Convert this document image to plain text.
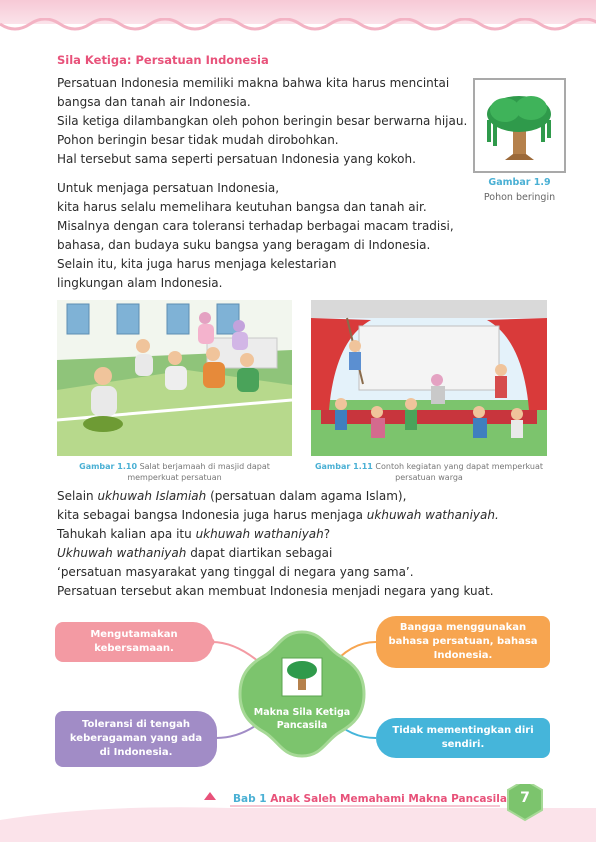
Sila Ketiga: Persatuan Indonesia
Persatuan Indonesia memiliki makna bahwa kita harus mencintai
bangsa dan tanah air Indonesia.
Sila ketiga dilambangkan oleh pohon beringin besar berwarna hijau.
Pohon beringin besar tidak mudah dirobohkan.
Hal tersebut sama seperti persatuan Indonesia yang kokoh.
Gambar 1.9
Pohon beringin
Untuk menjaga persatuan Indonesia,
kita harus selalu memelihara keutuhan bangsa dan tanah air.
Misalnya dengan cara toleransi terhadap berbagai macam tradisi,
bahasa, dan budaya suku bangsa yang beragam di Indonesia.
Selain itu, kita juga harus menjaga kelestarian
lingkungan alam Indonesia.
Gambar 1.10 Salat berjamaah di masjid dapat memperkuat persatuan
Gambar 1.11 Contoh kegiatan yang dapat memperkuat persatuan warga
Selain ukhuwah Islamiah (persatuan dalam agama Islam),
kita sebagai bangsa Indonesia juga harus menjaga ukhuwah wathaniyah.
Tahukah kalian apa itu ukhuwah wathaniyah?
Ukhuwah wathaniyah dapat diartikan sebagai
‘persatuan masyarakat yang tinggal di negara yang sama’.
Persatuan tersebut akan membuat Indonesia menjadi negara yang kuat.
Mengutamakan kebersamaan.
Bangga menggunakan bahasa persatuan, bahasa Indonesia.
Toleransi di tengah keberagaman yang ada di Indonesia.
Tidak mementingkan diri sendiri.
Makna Sila Ketiga Pancasila
Bab 1 Anak Saleh Memahami Makna Pancasila 7
